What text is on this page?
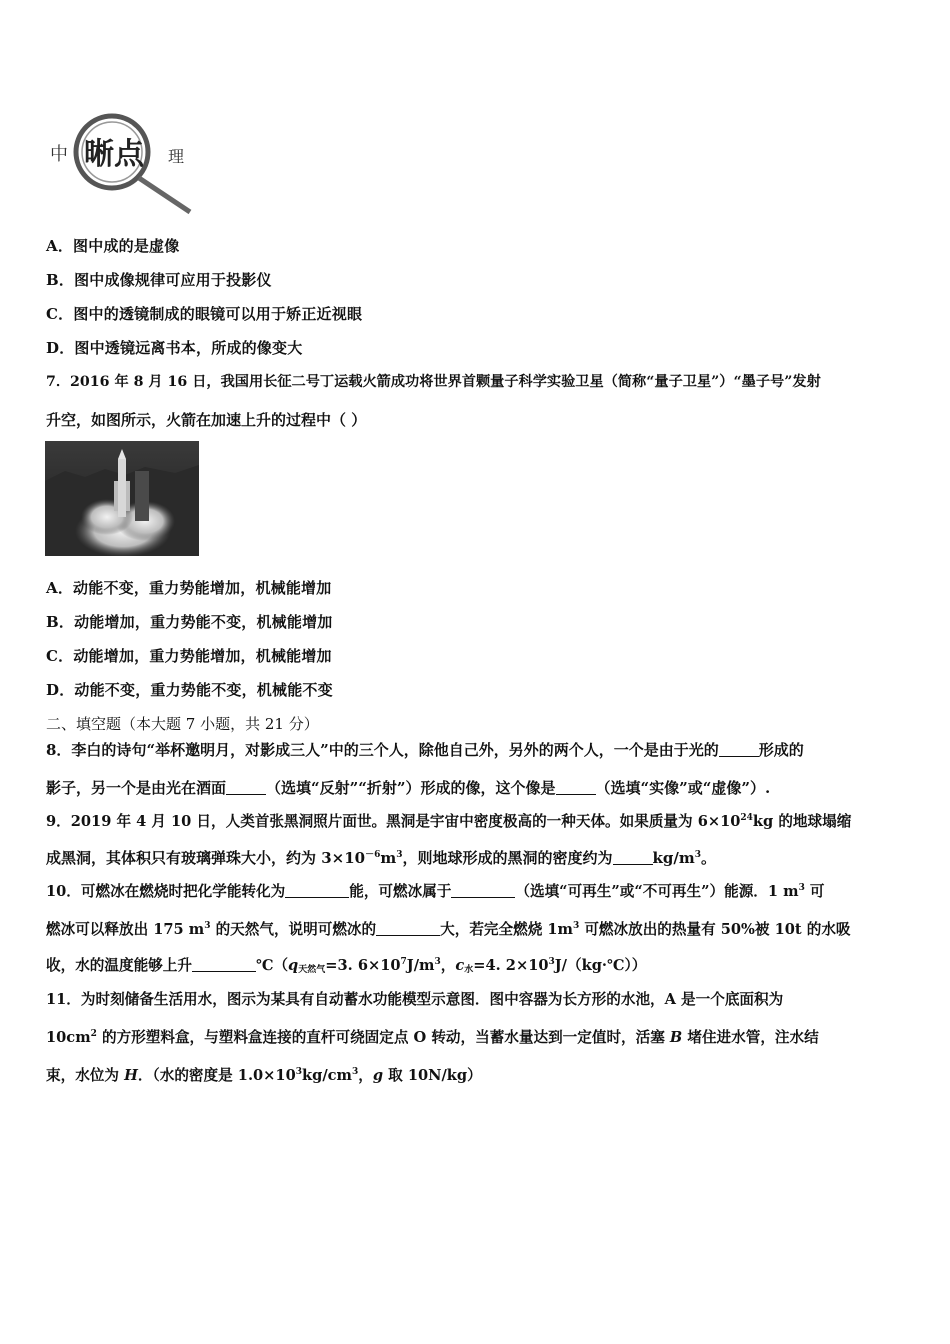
中 晰点 理
A．图中成的是虚像
B．图中成像规律可应用于投影仪
C．图中的透镜制成的眼镜可以用于矫正近视眼
D．图中透镜远离书本，所成的像变大
7．2016 年 8 月 16 日，我国用长征二号丁运载火箭成功将世界首颗量子科学实验卫星（简称“量子卫星”）“墨子号”发射
升空，如图所示，火箭在加速上升的过程中（ ）
A．动能不变，重力势能增加，机械能增加
B．动能增加，重力势能不变，机械能增加
C．动能增加，重力势能增加，机械能增加
D．动能不变，重力势能不变，机械能不变
二、填空题（本大题 7 小题，共 21 分）
8．李白的诗句“举杯邀明月，对影成三人”中的三个人，除他自己外，另外的两个人，一个是由于光的	形成的
影子，另一个是由光在酒面	（选填“反射”“折射”）形成的像，这个像是	（选填“实像”或“虚像”）.
9．2019 年 4 月 10 日，人类首张黑洞照片面世。黑洞是宇宙中密度极高的一种天体。如果质量为 $6\times 10^{24}kg$ 的地球塌缩
成黑洞，其体积只有玻璃弹珠大小，约为 $3\times 10^{-6}m^3$，则地球形成的黑洞的密度约为	$kg/m^3$。
10．可燃冰在燃烧时把化学能转化为	能，可燃冰属于	（选填“可再生”或“不可再生”）能源．1 $m^3$ 可
燃冰可以释放出 175 $m^3$ 的天然气，说明可燃冰的	大，若完全燃烧 $1m^3$ 可燃冰放出的热量有 50%被 10t 的水吸
收，水的温度能够上升	$℃(q_{天然气}=3$. $6\times 10^7J/m^3$，$c_水=4$. $2\times 10^3J/(kg\cdot℃)$）
11．为时刻储备生活用水，图示为某具有自动蓄水功能模型示意图．图中容器为长方形的水池，A 是一个底面积为
$10cm^2$ 的方形塑料盒，与塑料盒连接的直杆可绕固定点 O 转动，当蓄水量达到一定值时，活塞 B 堵住进水管，注水结
束，水位为 H．（水的密度是 $1.0\times 10^3kg/cm^3$，g 取 10N/kg）
